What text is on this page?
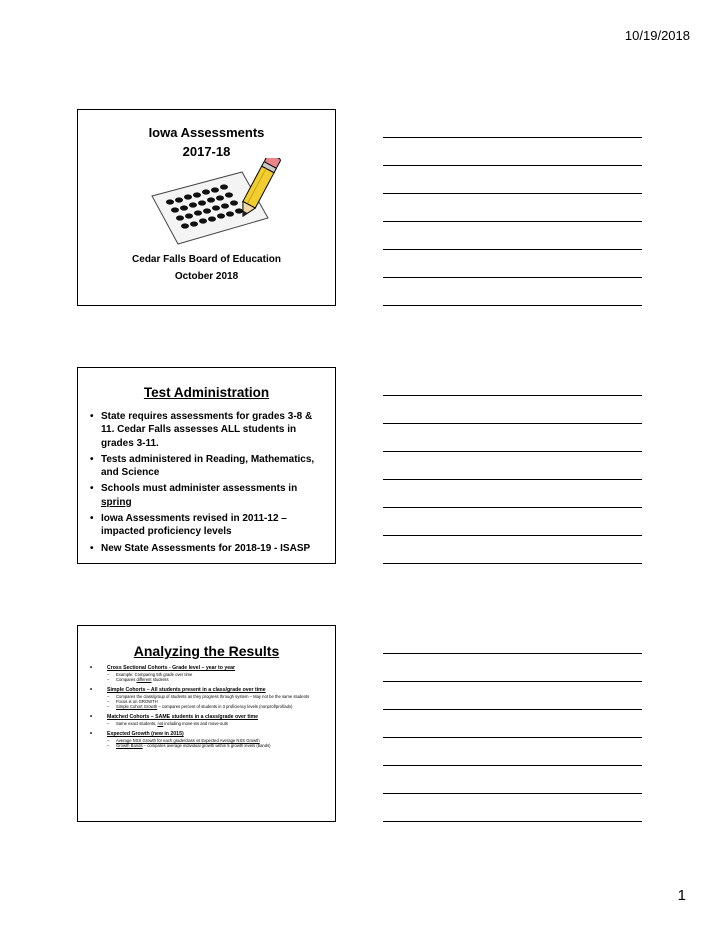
10/19/2018
Iowa Assessments
2017-18
Cedar Falls Board of Education
October 2018
Test Administration
• State requires assessments for grades 3-8 & 11. Cedar Falls assesses ALL students in grades 3-11.
• Tests administered in Reading, Mathematics, and Science
• Schools must administer assessments in spring
• Iowa Assessments revised in 2011-12 – impacted proficiency levels
• New State Assessments for 2018-19 - ISASP
Analyzing the Results
• Cross Sectional Cohorts - Grade level – year to year
– Example: Comparing 5th grade over time
– Compares different students
• Simple Cohorts – All students present in a class/grade over time
– Compares the class/group of students as they progress through system – May not be the same students
– Focus is on GROWTH
– Simple Cohort Growth – compares percent of students in 3 proficiency levels (nonprof/prof/adv)
• Matched Cohorts – SAME students in a class/grade over time
– Same exact students, not including move-ins and move-outs
• Expected Growth (new in 2015)
– Average NSS Growth for each grade/class vs Expected Average NSS Growth
– Growth Bands – compares average individual growth within 5 growth levels (bands)
1
